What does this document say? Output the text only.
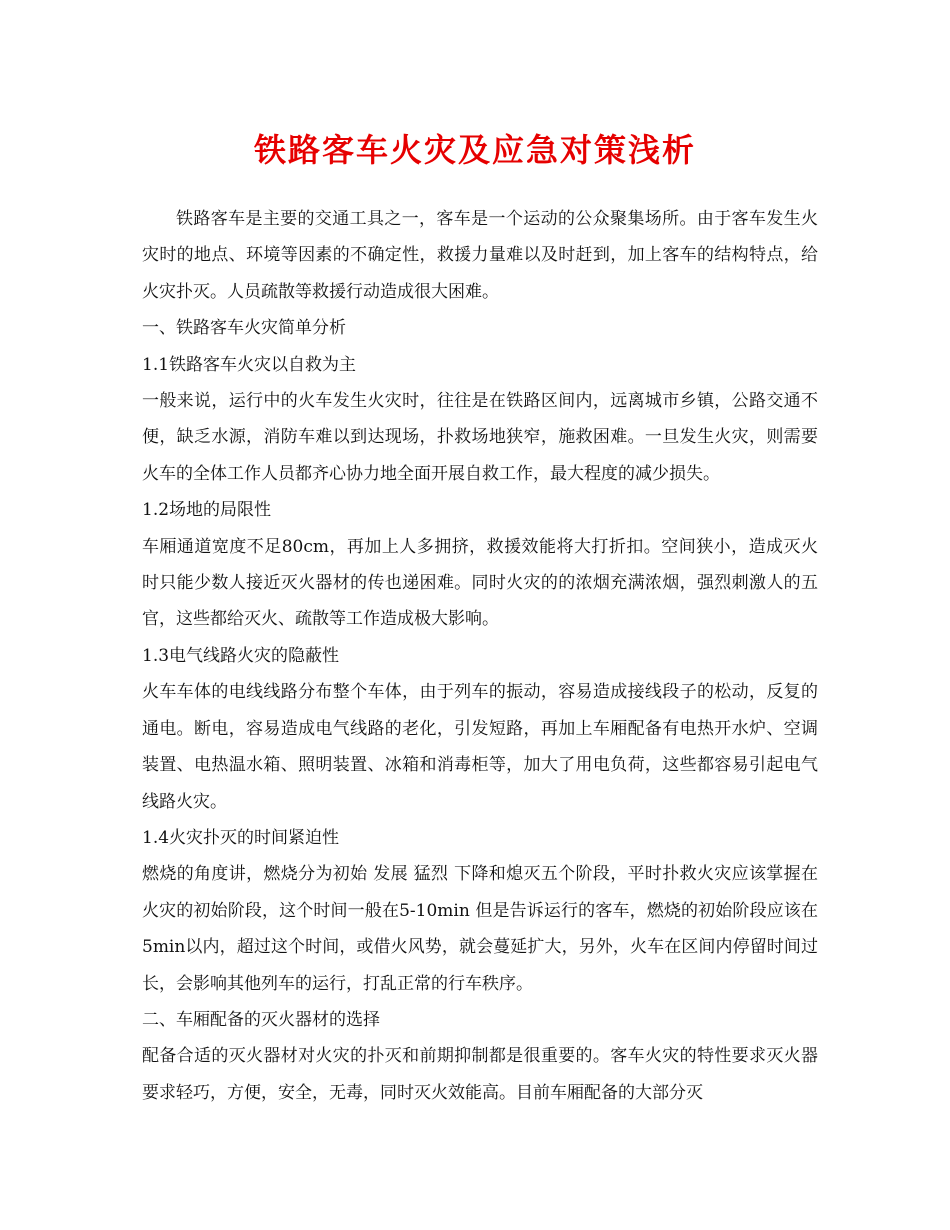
铁路客车火灾及应急对策浅析

铁路客车是主要的交通工具之一，客车是一个运动的公众聚集场所。由于客车发生火灾时的地点、环境等因素的不确定性，救援力量难以及时赶到，加上客车的结构特点，给火灾扑灭。人员疏散等救援行动造成很大困难。

一、铁路客车火灾简单分析

1.1铁路客车火灾以自救为主

一般来说，运行中的火车发生火灾时，往往是在铁路区间内，远离城市乡镇，公路交通不便，缺乏水源，消防车难以到达现场，扑救场地狭窄，施救困难。一旦发生火灾，则需要火车的全体工作人员都齐心协力地全面开展自救工作，最大程度的减少损失。

1.2场地的局限性

车厢通道宽度不足80cm，再加上人多拥挤，救援效能将大打折扣。空间狭小，造成灭火时只能少数人接近灭火器材的传也递困难。同时火灾的的浓烟充满浓烟，强烈刺激人的五官，这些都给灭火、疏散等工作造成极大影响。

1.3电气线路火灾的隐蔽性

火车车体的电线线路分布整个车体，由于列车的振动，容易造成接线段子的松动，反复的通电。断电，容易造成电气线路的老化，引发短路，再加上车厢配备有电热开水炉、空调装置、电热温水箱、照明装置、冰箱和消毒柜等，加大了用电负荷，这些都容易引起电气线路火灾。

1.4火灾扑灭的时间紧迫性

燃烧的角度讲，燃烧分为初始 发展 猛烈 下降和熄灭五个阶段，平时扑救火灾应该掌握在火灾的初始阶段，这个时间一般在5-10min 但是告诉运行的客车，燃烧的初始阶段应该在5min以内，超过这个时间，或借火风势，就会蔓延扩大，另外，火车在区间内停留时间过长，会影响其他列车的运行，打乱正常的行车秩序。

二、车厢配备的灭火器材的选择

配备合适的灭火器材对火灾的扑灭和前期抑制都是很重要的。客车火灾的特性要求灭火器要求轻巧，方便，安全，无毒，同时灭火效能高。目前车厢配备的大部分灭
